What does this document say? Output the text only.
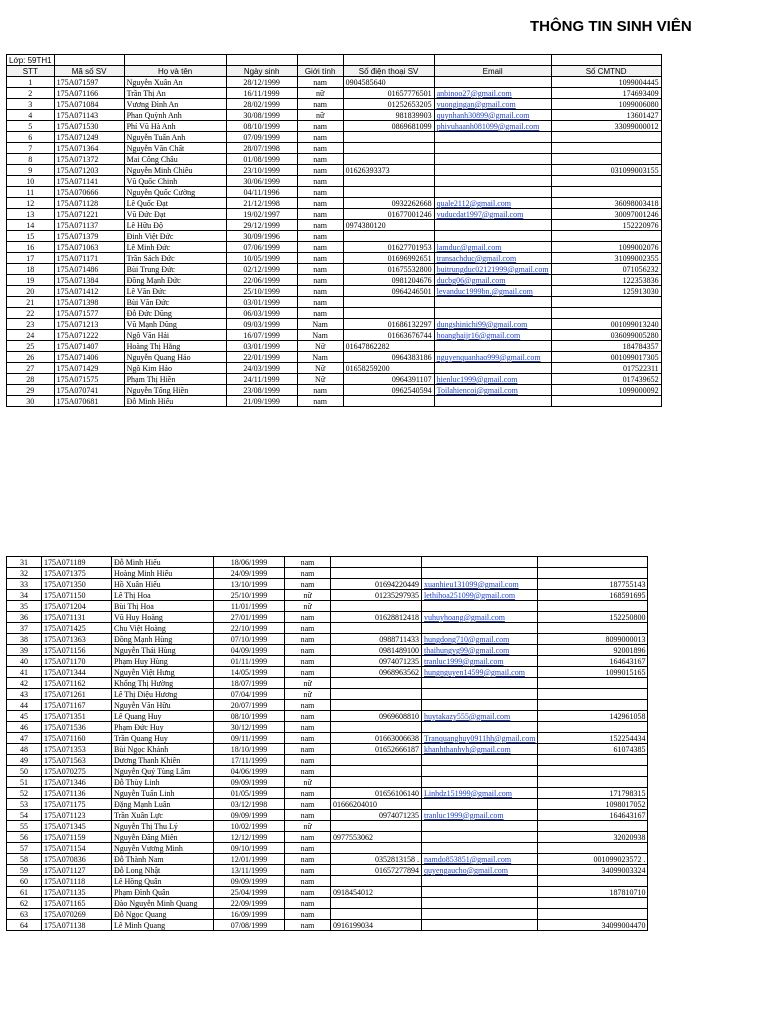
THÔNG TIN SINH VIÊN
Lớp: 59TH1							
STT	Mã số SV	Họ và tên	Ngày sinh	Giới tính	Số điện thoại SV	Email	Số CMTND
1	175A071597	Nguyễn Xuân An	28/12/1999	nam	0904585640		1099004445
2	175A071166	Trần Thị An	16/11/1999	nữ	01657776501	anbinoo27@gmail.com	174693409
3	175A071084	Vương Đình An	28/02/1999	nam	01252653205	vuongingan@gmail.com	1099006080
4	175A071143	Phan Quỳnh Anh	30/08/1999	nữ	981839903	quynhanh30899@gmail.com	13601427
5	175A071530	Phí Vũ Hà Anh	08/10/1999	nam	0869681099	phivuhaanh081099@gmail.com	33099000012
6	175A071249	Nguyễn Tuấn Anh	07/09/1999	nam			
7	175A071364	Nguyễn Văn Chất	28/07/1998	nam			
8	175A071372	Mai Công Châu	01/08/1999	nam			
9	175A071203	Nguyễn Minh Chiêu	23/10/1999	nam	01626393373		031099003155
10	175A071141	Vũ Quốc Chinh	30/06/1999	nam			
11	175A070666	Nguyễn Quốc Cường	04/11/1996	nam			
12	175A071128	Lê Quốc Đạt	21/12/1998	nam	0932262668	quale2112@gmail.com	36098003418
13	175A071221	Vũ Đức Đạt	19/02/1997	nam	01677001246	vuducdat1997@gmail.com	30097001246
14	175A071137	Lê Hữu Độ	29/12/1999	nam	0974380120		152220976
15	175A071379	Đinh Việt Đức	30/09/1996	nam			
16	175A071063	Lê Minh Đức	07/06/1999	nam	01627701953	lamduc@gmail.com	1099002076
17	175A071171	Trần Sách Đức	10/05/1999	nam	01696992651	transachduc@gmail.com	31099002355
18	175A071486	Bùi Trung Đức	02/12/1999	nam	01675532800	buitrungduc02121999@gmail.com	071056232
19	175A071384	Đồng Mạnh Đức	22/06/1999	nam	0981204676	ducbg06@gmail.com	122353836
20	175A071412	Lê Văn Đức	25/10/1999	nam	0964246501	levanduc1999bn.@gmail.com	125913030
21	175A071398	Bùi Văn Đức	03/01/1999	nam			
22	175A071577	Đỗ Đức Dũng	06/03/1999	nam			
23	175A071213	Vũ Mạnh Dũng	09/03/1999	Nam	01686132297	dungshinichi99@gmail.com	001099013240
24	175A071222	Ngô Văn Hải	16/07/1999	Nam	01663676744	hoanghaijr16@gmail.com	036099005280
25	175A071407	Hoàng Thị Hằng	03/01/1999	Nữ	01647862282		184784357
26	175A071406	Nguyễn Quang Hảo	22/01/1999	Nam	0964383186	nguyenquanhao999@gmail.com	001099017305
27	175A071429	Ngô Kim Hảo	24/03/1999	Nữ	01658259200		017522311
28	175A071575	Phạm Thị Hiền	24/11/1999	Nữ	0964391107	hienluc1999@gmail.com	017439652
29	175A070741	Nguyễn Tống Hiền	23/08/1999	nam	0962540594	Toilahiencoi@gmail.com	1099000092
30	175A070681	Đỗ Minh Hiếu	21/09/1999	nam			
31	175A071189	Đỗ Minh Hiếu	18/06/1999	nam			
32	175A071375	Hoàng Minh Hiếu	24/09/1999	nam			
33	175A071350	Hồ Xuân Hiếu	13/10/1999	nam	01694220449	xuanhieu131099@gmail.com	187755143
34	175A071150	Lê Thị Hoa	25/10/1999	nữ	01235297935	lethihoa251099@gmail.com	168591695
35	175A071204	Bùi Thị Hoa	11/01/1999	nữ			
36	175A071131	Vũ Huy Hoàng	27/01/1999	nam	01628812418	vuhuyhoang@gmail.com	152250800
37	175A071425	Chu Việt Hoàng	22/10/1999	nam			
38	175A071363	Đồng Mạnh Hùng	07/10/1999	nam	0988711433	hungdong710@gmail.com	8099000013
39	175A071156	Nguyễn Thái Hùng	04/09/1999	nam	0981489100	thaihungvg99@gmail.com	92001896
40	175A071170	Phạm Huy Hùng	01/11/1999	nam	0974071235	tranluc1999@gmail.com	164643167
41	175A071344	Nguyễn Việt Hưng	14/05/1999	nam	0968963562	hungnguyen14599@gmail.com	1099015165
42	175A071162	Khổng Thị Hường	18/07/1999	nữ			
43	175A071261	Lê Thị Diệu Hương	07/04/1999	nữ			
44	175A071167	Nguyễn Văn Hữu	20/07/1999	nam			
45	175A071351	Lê Quang Huy	08/10/1999	nam	0969608810	huytakazy555@gmail.com	142961058
46	175A071536	Phạm Đức Huy	30/12/1999	nam			
47	175A071160	Trần Quang Huy	09/11/1999	nam	01663006638	Tranquanghuy0911hh@gmail.com	152254434
48	175A071353	Bùi Ngọc Khánh	18/10/1999	nam	01652666187	khanhthanhvh@gmail.com	61074385
49	175A071563	Dương Thanh Khiên	17/11/1999	nam			
50	175A070275	Nguyễn Quý Tùng Lâm	04/06/1999	nam			
51	175A071346	Đỗ Thùy Linh	09/09/1999	nữ			
52	175A071136	Nguyễn Tuấn Linh	01/05/1999	nam	01656106140	Linhdz151999@gmail.com	171798315
53	175A071175	Đặng Mạnh Luân	03/12/1998	nam	01666204010		1098017052
54	175A071123	Trần Xuân Lực	09/09/1999	nam	0974071235	tranluc1999@gmail.com	164643167
55	175A071345	Nguyễn Thị Thu Lý	10/02/1999	nữ			
56	175A071159	Nguyễn Đăng Miên	12/12/1999	nam	0977553062		32020938
57	175A071154	Nguyễn Vương Minh	09/10/1999	nam			
58	175A070836	Đỗ Thành Nam	12/01/1999	nam	0352813158 .	namdo853851@gmail.com	001099023572 .
59	175A071127	Đỗ Long Nhật	13/11/1999	nam	01657277894	quyengaucho@gmail.com	34099003324
60	175A071118	Lê Hồng Quân	09/09/1999	nam			
61	175A071135	Phạm Đình Quân	25/04/1999	nam	0918454012		187810710
62	175A071165	Đào Nguyễn Minh Quang	22/09/1999	nam			
63	175A070269	Đỗ Ngọc Quang	16/09/1999	nam			
64	175A071138	Lê Minh Quang	07/08/1999	nam	0916199034		34099004470
